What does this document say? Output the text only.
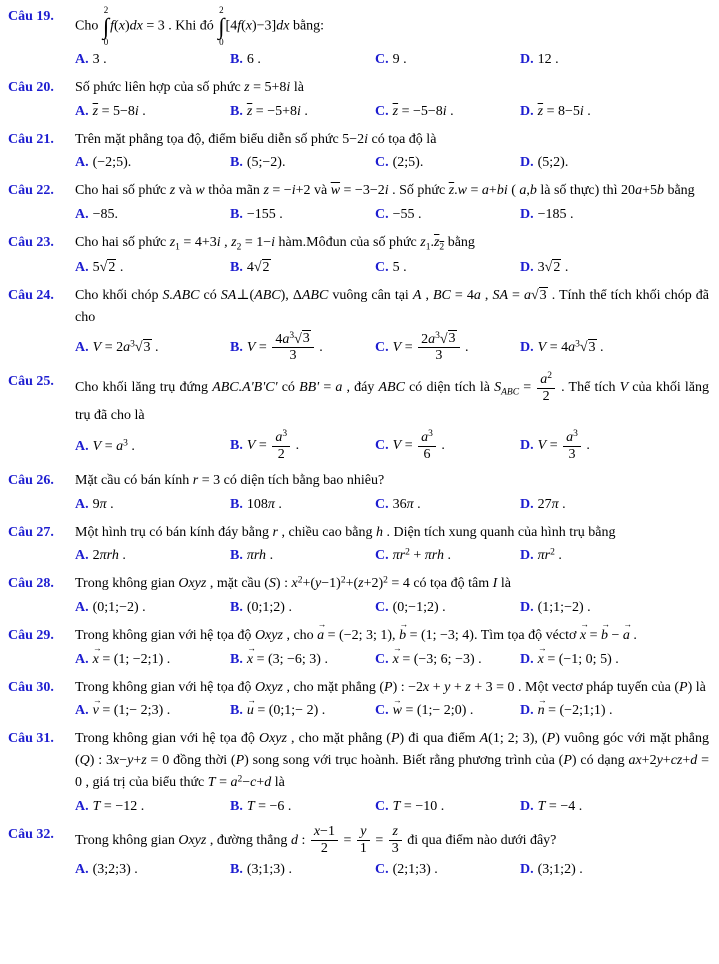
Câu 19.
Cho
2
∫
0
f(x)dx = 3 . Khi đó
2
∫
0
[4f(x)−3]dx bằng:
A. 3 .	B. 6 .	C. 9 .	D. 12 .
Câu 20.	Số phức liên hợp của số phức z = 5+8i là
A. $\overline{z} = 5-8i$ .	B. $\overline{z} = -5+8i$ .	C. $\overline{z} = -5-8i$ .	D. $\overline{z} = 8-5i$ .
Câu 21.	Trên mặt phẳng tọa độ, điểm biểu diễn số phức 5−2i có tọa độ là
A. (−2;5).	B. (5;−2).	C. (2;5).	D. (5;2).
Câu 22.	Cho hai số phức z và w thỏa mãn z = −i+2 và $\overline{w} = -3-2i$ . Số phức $\overline{z}.w = a+bi$ ( a,b là số thực) thì 20a+5b bằng
A. −85.	B. −155 .	C. −55 .	D. −185 .
Câu 23.	Cho hai số phức $z_1 = 4+3i$ , $z_2 = 1-i$ hàm.Môđun của số phức $z_1.z_2$ bằng
A. 5√2 .	B. 4√2	C. 5 .	D. 3√2 .
Câu 24.	Cho khối chóp S.ABC có SA⊥(ABC), ΔABC vuông cân tại A , BC = 4a , SA = a√3 . Tính thể tích khối chóp đã cho
A. $V = 2a^3√3$ .	B. $V = \frac{4a^3√3}{3}$ .	C. $V = \frac{2a^3√3}{3}$ .	D. $V = 4a^3√3$ .
Câu 25.	Cho khối lăng trụ đứng ABC.A'B'C' có BB' = a , đáy ABC có diện tích là $S_{ABC} = \frac{a^2}{2}$ . Thể tích V của khối lăng trụ đã cho là
A. $V = a^3$ .	B. $V = \frac{a^3}{2}$ .	C. $V = \frac{a^3}{6}$ .	D. $V = \frac{a^3}{3}$ .
Câu 26.	Mặt cầu có bán kính r = 3 có diện tích bằng bao nhiêu?
A. 9π .	B. 108π .	C. 36π .	D. 27π .
Câu 27.	Một hình trụ có bán kính đáy bằng r , chiều cao bằng h . Diện tích xung quanh của hình trụ bằng
A. 2πrh .	B. πrh .	C. $\pi r^2 + \pi rh$ .	D. $\pi r^2$ .
Câu 28.	Trong không gian Oxyz , mặt cầu (S) : $x^2+(y-1)^2+(z+2)^2 = 4$ có tọa độ tâm I là
A. (0;1;−2) .	B. (0;1;2) .	C. (0;−1;2) .	D. (1;1;−2) .
Câu 29.	Trong không gian với hệ tọa độ Oxyz , cho a → = (−2; 3; 1), b → = (1; −3; 4). Tìm tọa độ véctơ x → = b → − a → .
A. x → = (1; −2;1) .	B. x → = (3; −6; 3) .	C. x → = (−3; 6; −3) .	D. x → = (−1; 0; 5) .
Câu 30.	Trong không gian với hệ tọa độ Oxyz , cho mặt phẳng (P) : −2x + y + z + 3 = 0 . Một vectơ pháp tuyến của (P) là
A. v → = (1;− 2;3) .	B. u → = (0;1;− 2) .	C. w → = (1;− 2;0) .	D. n → = (−2;1;1) .
Câu 31.	Trong không gian với hệ tọa độ Oxyz , cho mặt phẳng (P) đi qua điểm A(1; 2; 3), (P) vuông góc với mặt phẳng (Q) : 3x−y+z = 0 đồng thời (P) song song với trục hoành. Biết rằng phương trình của (P) có dạng ax+2y+cz+d = 0 , giá trị của biểu thức $T = a^2-c+d$ là
A. T = −12 .	B. T = −6 .	C. T = −10 .	D. T = −4 .
Câu 32.	Trong không gian Oxyz , đường thẳng d : $\frac{x-1}{2} = \frac{y}{1} = \frac{z}{3}$ đi qua điểm nào dưới đây?
A. (3;2;3) .	B. (3;1;3) .	C. (2;1;3) .	D. (3;1;2) .
